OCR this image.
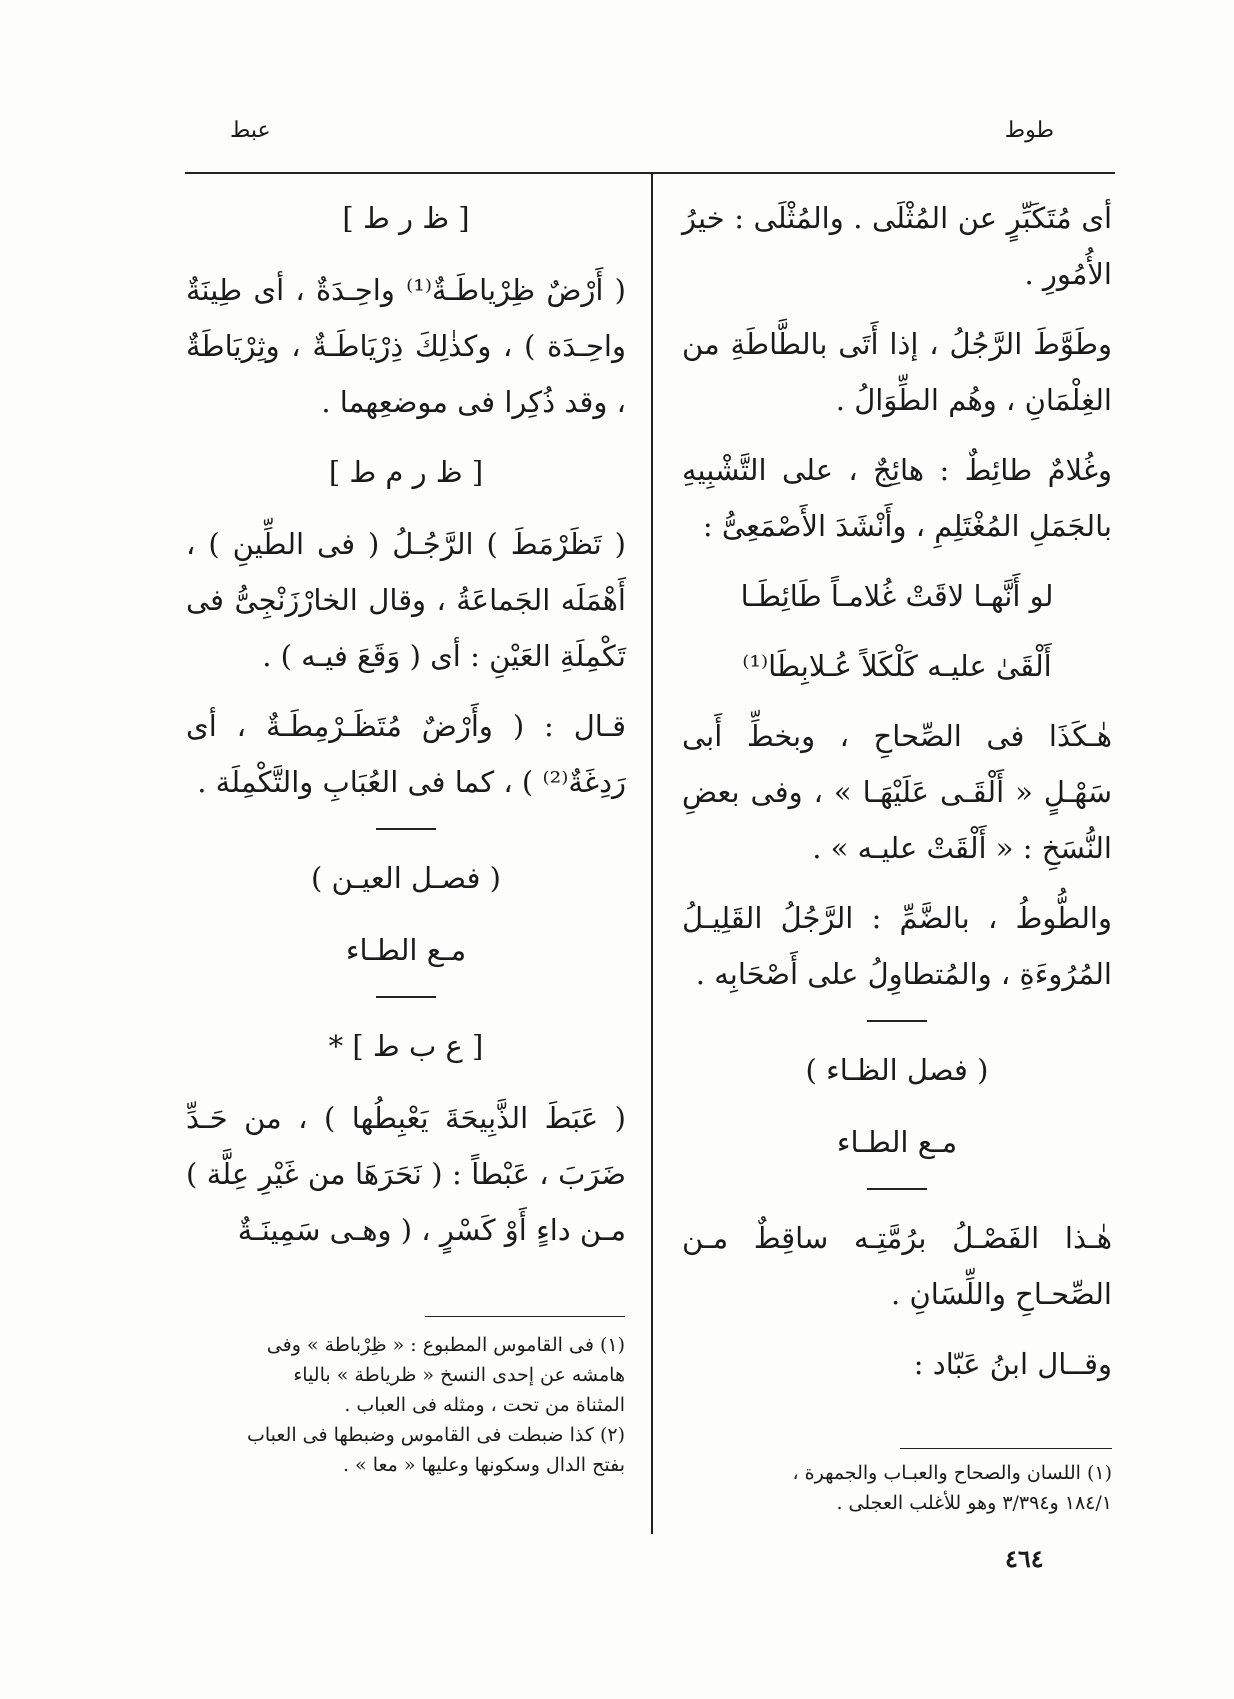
طوط
عبط

أى مُتَكَبِّرٍ عن المُثْلَى . والمُثْلَى : خيرُ الأُمُورِ .

وطَوَّطَ الرَّجُلُ ، إذا أَتَى بالطَّاطَةِ من الغِلْمَانِ ، وهُم الطِّوَالُ .

وغُلامٌ طائِطٌ : هائِجٌ ، على التَّشْبِيهِ بالجَمَلِ المُغْتَلِمِ ، وأَنْشَدَ الأَصْمَعِىُّ :

لو أَنَّهـا لاقَتْ غُلامـاً طَائِطَـا
أَلْقَىٰ عليـه كَلْكَلاً عُـلابِطَا⁽¹⁾

هٰـكَذَا فى الصِّحاحِ ، وبخطِّ أَبى سَهْـلٍ « أَلْقَـى عَلَيْهَـا » ، وفى بعضِ النُّسَخِ : « أَلْقَتْ عليـه » .

والطُّوطُ ، بالضَّمِّ : الرَّجُلُ القَلِيـلُ المُرُوءَةِ ، والمُتطاوِلُ على أَصْحَابِه .

( فصل الظـاء )
مـع الطـاء

هٰـذا الفَصْـلُ برُمَّتِـه ساقِطٌ مـن الصِّحـاحِ واللِّسَانِ .

وقــال ابنُ عَبّاد :

(١) اللسان والصحاح والعبـاب والجمهرة ،

١٨٤/١ و٣/٣٩٤ وهو للأغلب العجلى .

[ ظ ر ط ]

( أَرْضٌ ظِرْياطَـةٌ⁽¹⁾ واحِـدَةٌ ، أى طِينَةٌ واحِـدَة ) ، وكذٰلِكَ ذِرْيَاطَـةٌ ، وثِرْيَاطَةٌ ، وقد ذُكِرا فى موضعِهما .

[ ظ ر م ط ]

( تَظَرْمَطَ ) الرَّجُـلُ ( فى الطِّينِ ) ، أَهْمَلَه الجَماعَةُ ، وقال الخارْزَنْجِىُّ فى تَكْمِلَةِ العَيْنِ : أى ( وَقَعَ فيـه ) .

قـال : ( وأَرْضٌ مُتَظَـرْمِطَـةٌ ، أى رَدِغَةٌ⁽²⁾ ) ، كما فى العُبَابِ والتَّكْمِلَة .

( فصـل العيـن )
مـع الطـاء
[ ع ب ط ] *

( عَبَطَ الذَّبِيحَةَ يَعْبِطُها ) ، من حَـدِّ ضَرَبَ ، عَبْطاً : ( نَحَرَهَا من غَيْرِ عِلَّة ) مـن داءٍ أَوْ كَسْرٍ ، ( وهـى سَمِينَـةٌ

(١) فى القاموس المطبوع : « ظِرْباطة » وفى

هامشه عن إحدى النسخ « ظرياطة » بالياء

المثناة من تحت ، ومثله فى العباب .

(٢) كذا ضبطت فى القاموس وضبطها فى العباب

بفتح الدال وسكونها وعليها « معا » .

٤٦٤
